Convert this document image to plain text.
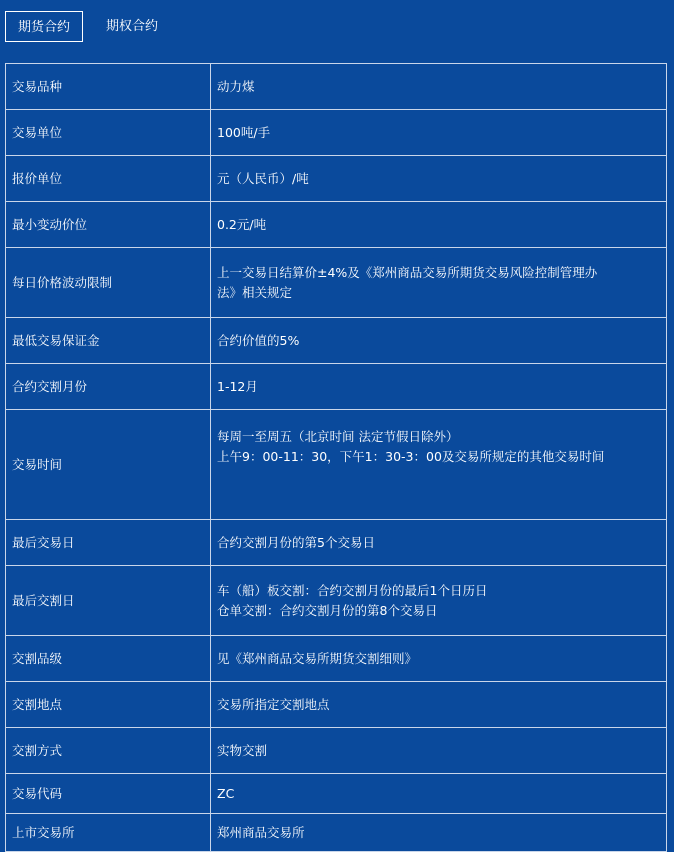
期货合约	期权合约
交易品种	动力煤

交易单位	100吨/手

报价单位	元（人民币）/吨

最小变动价位	0.2元/吨

每日价格波动限制	上一交易日结算价±4%及《郑州商品交易所期货交易风险控制管理办
法》相关规定

最低交易保证金	合约价值的5%

合约交割月份	1-12月

交易时间	每周一至周五（北京时间 法定节假日除外）
上午9：00-11：30，下午1：30-3：00及交易所规定的其他交易时间

最后交易日	合约交割月份的第5个交易日

最后交割日	车（船）板交割：合约交割月份的最后1个日历日
仓单交割：合约交割月份的第8个交易日

交割品级	见《郑州商品交易所期货交割细则》

交割地点	交易所指定交割地点

交割方式	实物交割

交易代码	ZC

上市交易所	郑州商品交易所
